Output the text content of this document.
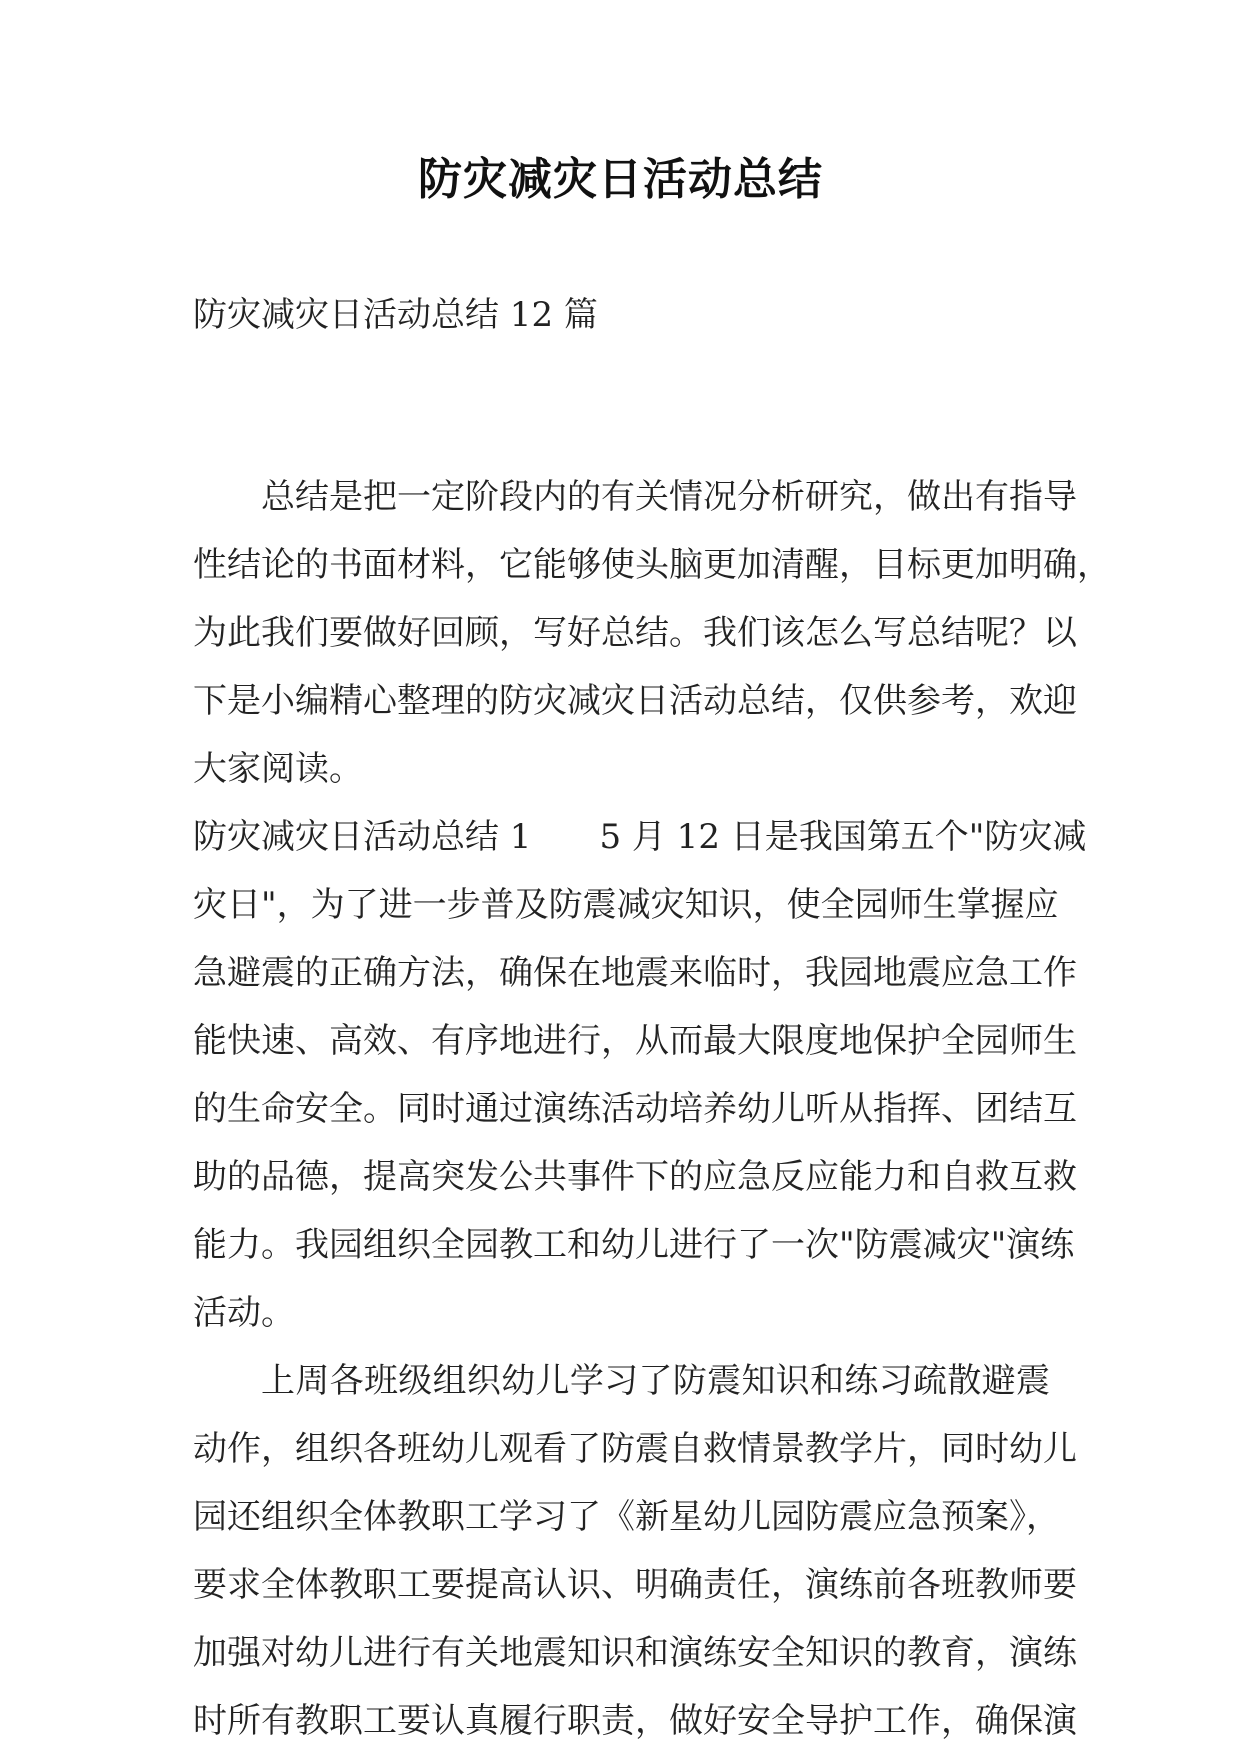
防灾减灾日活动总结
防灾减灾日活动总结 12 篇
总结是把一定阶段内的有关情况分析研究，做出有指导
性结论的书面材料，它能够使头脑更加清醒，目标更加明确，
为此我们要做好回顾，写好总结。我们该怎么写总结呢？以
下是小编精心整理的防灾减灾日活动总结，仅供参考，欢迎
大家阅读。
防灾减灾日活动总结 1　　5 月 12 日是我国第五个"防灾减
灾日"，为了进一步普及防震减灾知识，使全园师生掌握应
急避震的正确方法，确保在地震来临时，我园地震应急工作
能快速、高效、有序地进行，从而最大限度地保护全园师生
的生命安全。同时通过演练活动培养幼儿听从指挥、团结互
助的品德，提高突发公共事件下的应急反应能力和自救互救
能力。我园组织全园教工和幼儿进行了一次"防震减灾"演练
活动。
上周各班级组织幼儿学习了防震知识和练习疏散避震
动作，组织各班幼儿观看了防震自救情景教学片，同时幼儿
园还组织全体教职工学习了《新星幼儿园防震应急预案》，
要求全体教职工要提高认识、明确责任，演练前各班教师要
加强对幼儿进行有关地震知识和演练安全知识的教育，演练
时所有教职工要认真履行职责，做好安全导护工作，确保演
